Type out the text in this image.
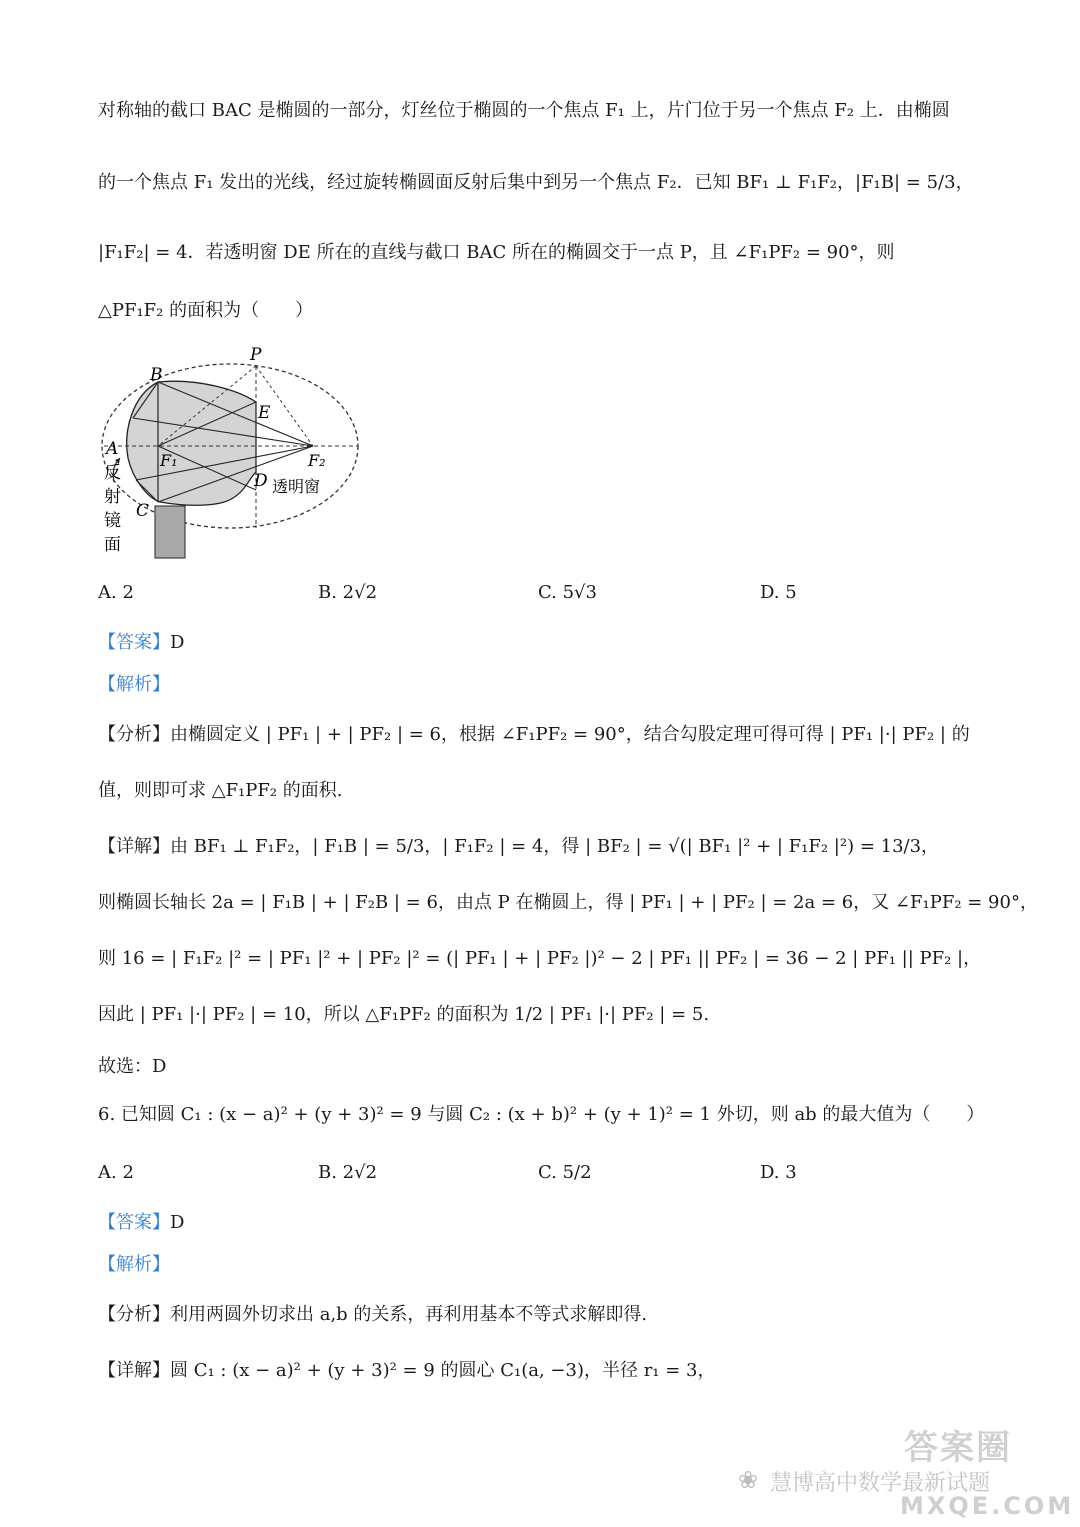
对称轴的截口 BAC 是椭圆的一部分，灯丝位于椭圆的一个焦点 F₁ 上，片门位于另一个焦点 F₂ 上．由椭圆
的一个焦点 F₁ 发出的光线，经过旋转椭圆面反射后集中到另一个焦点 F₂．已知 BF₁ ⊥ F₁F₂，|F₁B| = 5/3，
|F₁F₂| = 4．若透明窗 DE 所在的直线与截口 BAC 所在的椭圆交于一点 P，且 ∠F₁PF₂ = 90°，则
△PF₁F₂ 的面积为（　　）
P
B
E
A
F₁	F₂
D 透明窗
C
反
射
镜
面
A. 2	B. 2√2	C. 5√3	D. 5
【答案】D
【解析】
【分析】由椭圆定义 | PF₁ | + | PF₂ | = 6，根据 ∠F₁PF₂ = 90°，结合勾股定理可得可得 | PF₁ |·| PF₂ | 的
值，则即可求 △F₁PF₂ 的面积.
【详解】由 BF₁ ⊥ F₁F₂，| F₁B | = 5/3，| F₁F₂ | = 4，得 | BF₂ | = √(| BF₁ |² + | F₁F₂ |²) = 13/3，
则椭圆长轴长 2a = | F₁B | + | F₂B | = 6，由点 P 在椭圆上，得 | PF₁ | + | PF₂ | = 2a = 6，又 ∠F₁PF₂ = 90°，
则 16 = | F₁F₂ |² = | PF₁ |² + | PF₂ |² = (| PF₁ | + | PF₂ |)² − 2 | PF₁ || PF₂ | = 36 − 2 | PF₁ || PF₂ |，
因此 | PF₁ |·| PF₂ | = 10，所以 △F₁PF₂ 的面积为 1/2 | PF₁ |·| PF₂ | = 5.
故选：D
6. 已知圆 C₁ : (x − a)² + (y + 3)² = 9 与圆 C₂ : (x + b)² + (y + 1)² = 1 外切，则 ab 的最大值为（　　）
A. 2	B. 2√2	C. 5/2	D. 3
【答案】D
【解析】
【分析】利用两圆外切求出 a,b 的关系，再利用基本不等式求解即得.
【详解】圆 C₁ : (x − a)² + (y + 3)² = 9 的圆心 C₁(a, −3)，半径 r₁ = 3，
❀ 慧博高中数学最新试题
答案圈
MXQE.COM
